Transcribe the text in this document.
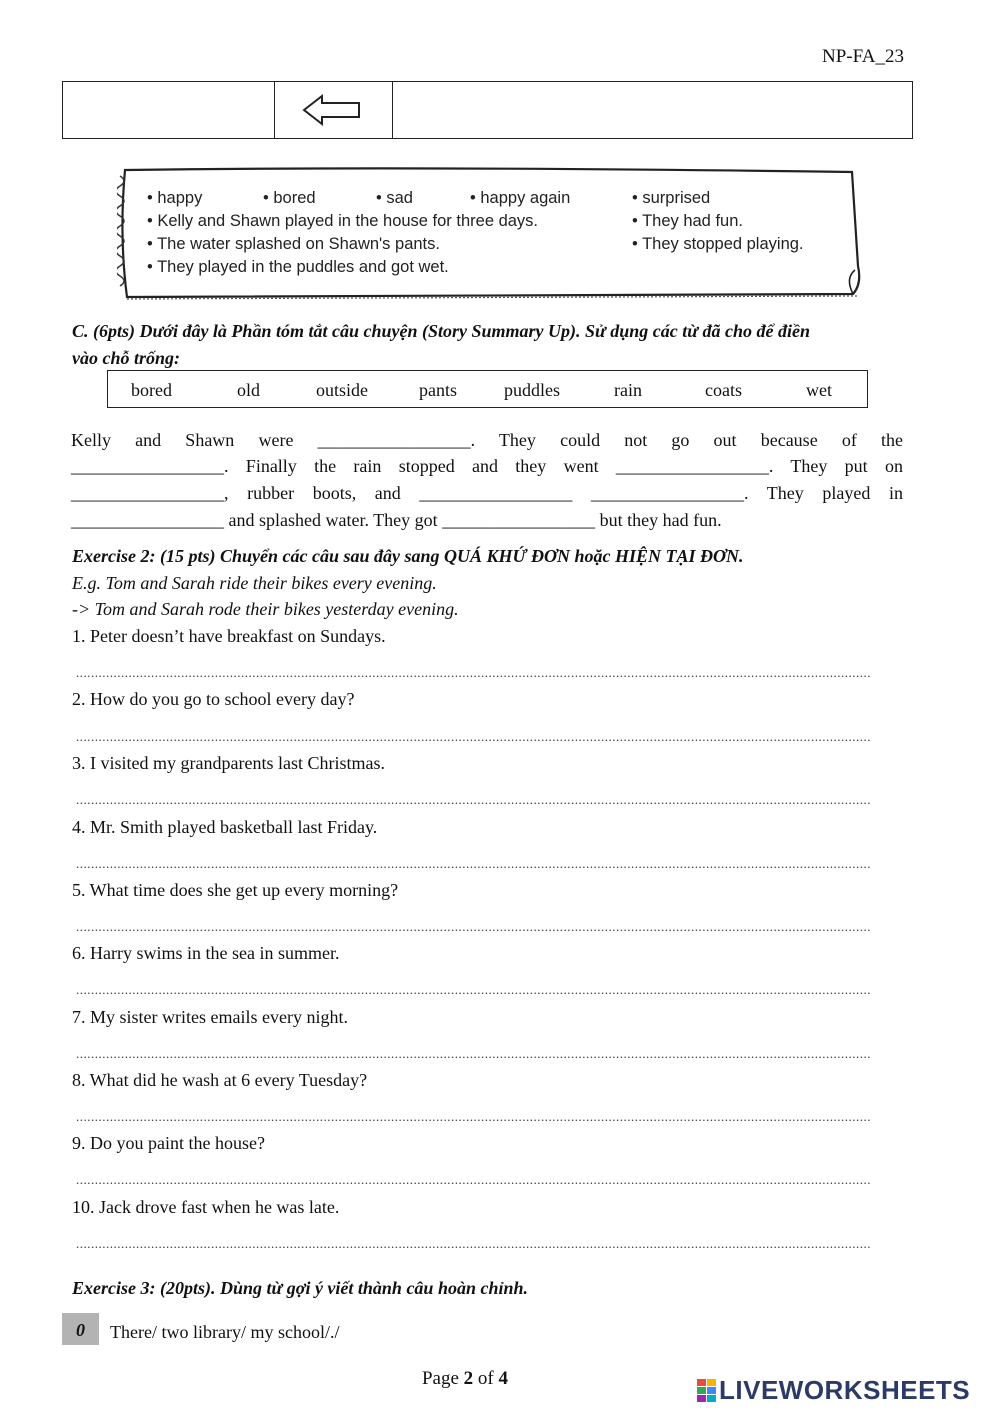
NP-FA_23
• happy	• bored	• sad	• happy again	• surprised
• Kelly and Shawn played in the house for three days.	• They had fun.
• The water splashed on Shawn's pants.	• They stopped playing.
• They played in the puddles and got wet.
C. (6pts) Dưới đây là Phần tóm tắt câu chuyện (Story Summary Up). Sử dụng các từ đã cho để điền
vào chỗ trống:
bored	old	outside	pants	puddles	rain	coats	wet
Kelly and Shawn were _________________. They could not go out because of the
_________________. Finally the rain stopped and they went _________________. They put on
_________________, rubber boots, and _________________ _________________. They played in
_________________ and splashed water. They got _________________ but they had fun.
Exercise 2: (15 pts) Chuyển các câu sau đây sang QUÁ KHỨ ĐƠN hoặc HIỆN TẠI ĐƠN.
E.g. Tom and Sarah ride their bikes every evening.
-> Tom and Sarah rode their bikes yesterday evening.
1. Peter doesn’t have breakfast on Sundays.
....................................................................................................................................................................................................................
2. How do you go to school every day?
....................................................................................................................................................................................................................
3. I visited my grandparents last Christmas.
....................................................................................................................................................................................................................
4. Mr. Smith played basketball last Friday.
....................................................................................................................................................................................................................
5. What time does she get up every morning?
....................................................................................................................................................................................................................
6. Harry swims in the sea in summer.
....................................................................................................................................................................................................................
7. My sister writes emails every night.
....................................................................................................................................................................................................................
8. What did he wash at 6 every Tuesday?
....................................................................................................................................................................................................................
9. Do you paint the house?
....................................................................................................................................................................................................................
10. Jack drove fast when he was late.
....................................................................................................................................................................................................................
Exercise 3: (20pts). Dùng từ gợi ý viết thành câu hoàn chỉnh.
0	There/ two library/ my school/./
Page 2 of 4	LIVEWORKSHEETS
